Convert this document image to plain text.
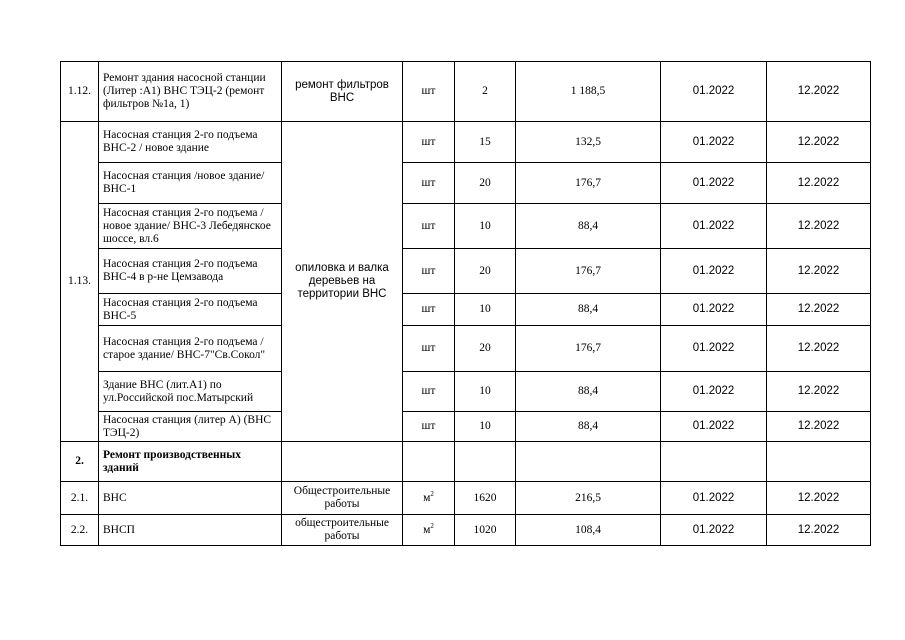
1.12.	Ремонт здания насосной станции (Литер :А1) ВНС ТЭЦ-2 (ремонт фильтров №1а, 1)	ремонт фильтров ВНС	шт	2	1 188,5	01.2022	12.2022
1.13.	Насосная станция 2-го подъема ВНС-2 / новое здание	опиловка и валка деревьев на территории ВНС	шт	15	132,5	01.2022	12.2022
	Насосная станция /новое здание/ ВНС-1		шт	20	176,7	01.2022	12.2022
	Насосная станция 2-го подъема /новое здание/ ВНС-3 Лебедянское шоссе, вл.6		шт	10	88,4	01.2022	12.2022
	Насосная станция 2-го подъема ВНС-4 в р-не Цемзавода		шт	20	176,7	01.2022	12.2022
	Насосная станция 2-го подъема ВНС-5		шт	10	88,4	01.2022	12.2022
	Насосная станция 2-го подъема / старое здание/ ВНС-7"Св.Сокол"		шт	20	176,7	01.2022	12.2022
	Здание ВНС (лит.А1) по ул.Российской пос.Матырский		шт	10	88,4	01.2022	12.2022
	Насосная станция (литер А) (ВНС ТЭЦ-2)		шт	10	88,4	01.2022	12.2022
2.	Ремонт производственных зданий						
2.1.	ВНС	Общестроительные работы	$м^2$	1620	216,5	01.2022	12.2022
2.2.	ВНСП	общестроительные работы	$м^2$	1020	108,4	01.2022	12.2022
